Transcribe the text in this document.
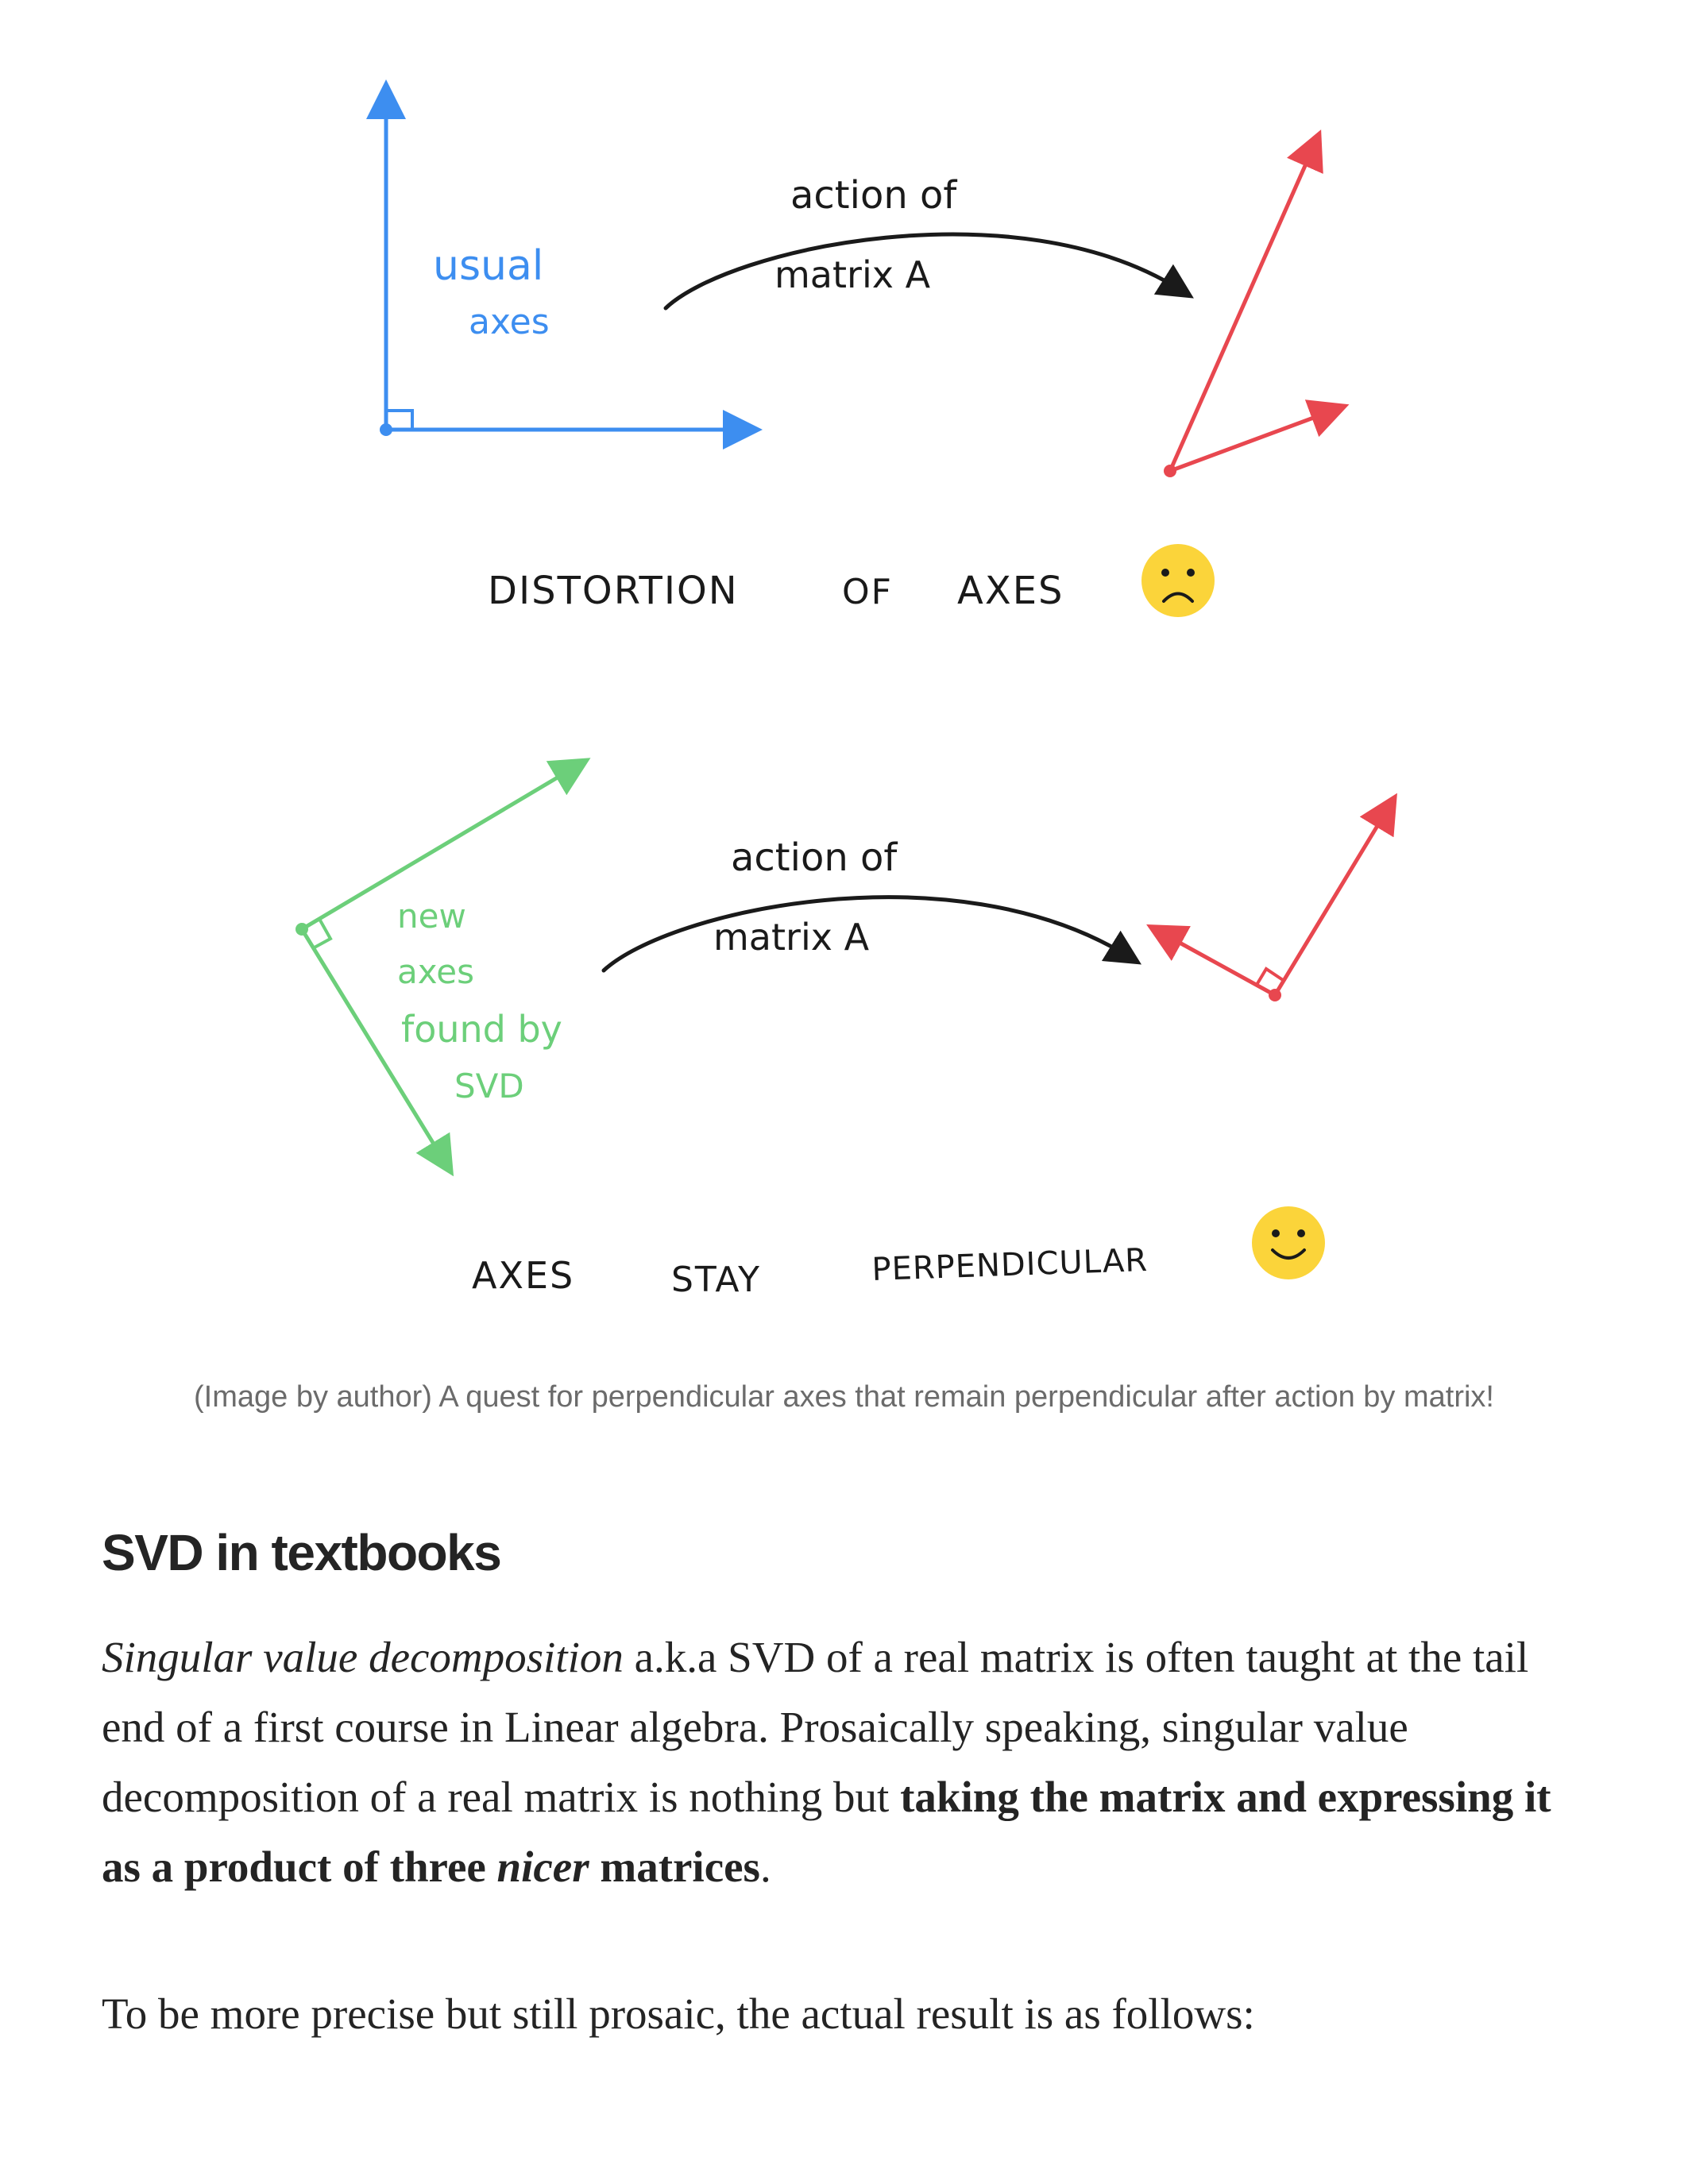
usual
axes
action of
matrix A
DISTORTION	OF AXES
new
axes
found by
SVD
action of
matrix A
AXES	STAY	PERPENDICULAR
(Image by author) A quest for perpendicular axes that remain perpendicular after action by matrix!
SVD in textbooks

Singular value decomposition a.k.a SVD of a real matrix is often taught at the tail end of a first course in Linear algebra. Prosaically speaking, singular value decomposition of a real matrix is nothing but taking the matrix and expressing it as a product of three nicer matrices.

To be more precise but still prosaic, the actual result is as follows:
